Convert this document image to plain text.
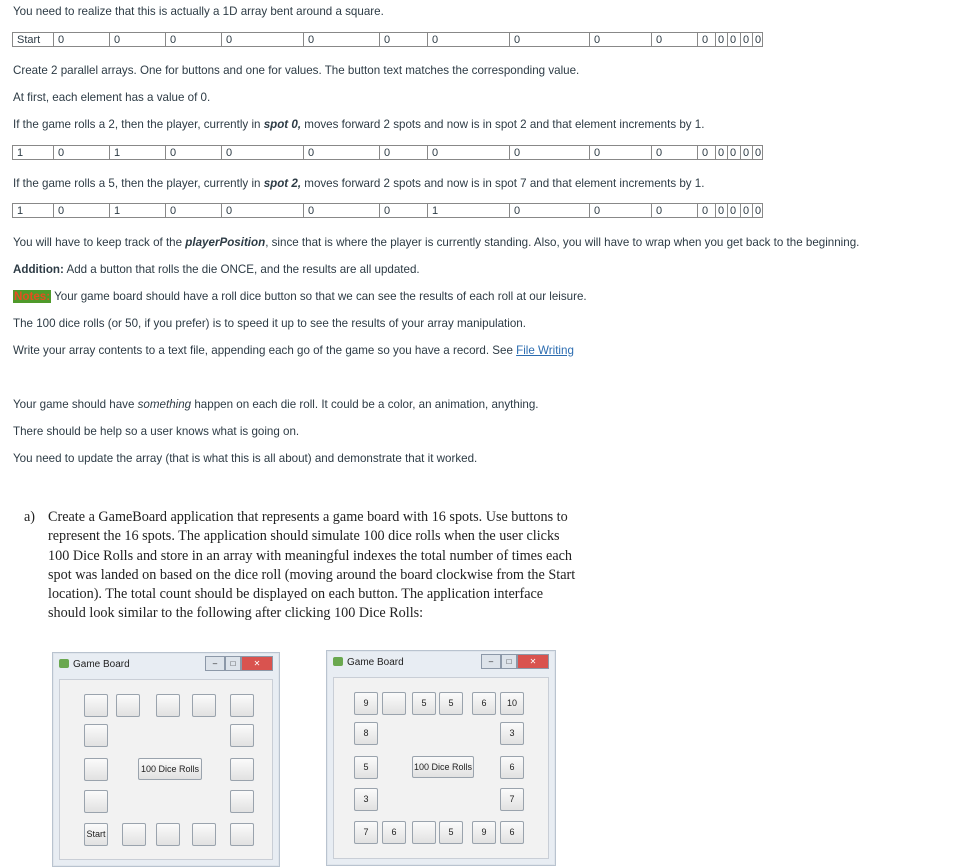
You need to realize that this is actually a 1D array bent around a square.
Start	0	0	0	0	0	0	0	0	0	0	0 0 0 0 0
Create 2 parallel arrays. One for buttons and one for values. The button text matches the corresponding value.
At first, each element has a value of 0.
If the game rolls a 2, then the player, currently in spot 0, moves forward 2 spots and now is in spot 2 and that element increments by 1.
1	0	1	0	0	0	0	0	0	0	0	0 0 0 0 0
If the game rolls a 5, then the player, currently in spot 2, moves forward 2 spots and now is in spot 7 and that element increments by 1.
1	0	1	0	0	0	0	1	0	0	0	0 0 0 0 0
You will have to keep track of the playerPosition, since that is where the player is currently standing. Also, you will have to wrap when you get back to the beginning.
Addition: Add a button that rolls the die ONCE, and the results are all updated.
Notes: Your game board should have a roll dice button so that we can see the results of each roll at our leisure.
The 100 dice rolls (or 50, if you prefer) is to speed it up to see the results of your array manipulation.
Write your array contents to a text file, appending each go of the game so you have a record. See File Writing
Your game should have something happen on each die roll. It could be a color, an animation, anything.
There should be help so a user knows what is going on.
You need to update the array (that is what this is all about) and demonstrate that it worked.
a) Create a GameBoard application that represents a game board with 16 spots. Use buttons to represent the 16 spots. The application should simulate 100 dice rolls when the user clicks 100 Dice Rolls and store in an array with meaningful indexes the total number of times each spot was landed on based on the dice roll (moving around the board clockwise from the Start location). The total count should be displayed on each button. The application interface should look similar to the following after clicking 100 Dice Rolls:
Game Board	–	□	✕
100 Dice Rolls
Start
Game Board	–	□	✕
100 Dice Rolls
9	5	5	6	10
3
6
7
7	6	5	9	6
8
5
3
